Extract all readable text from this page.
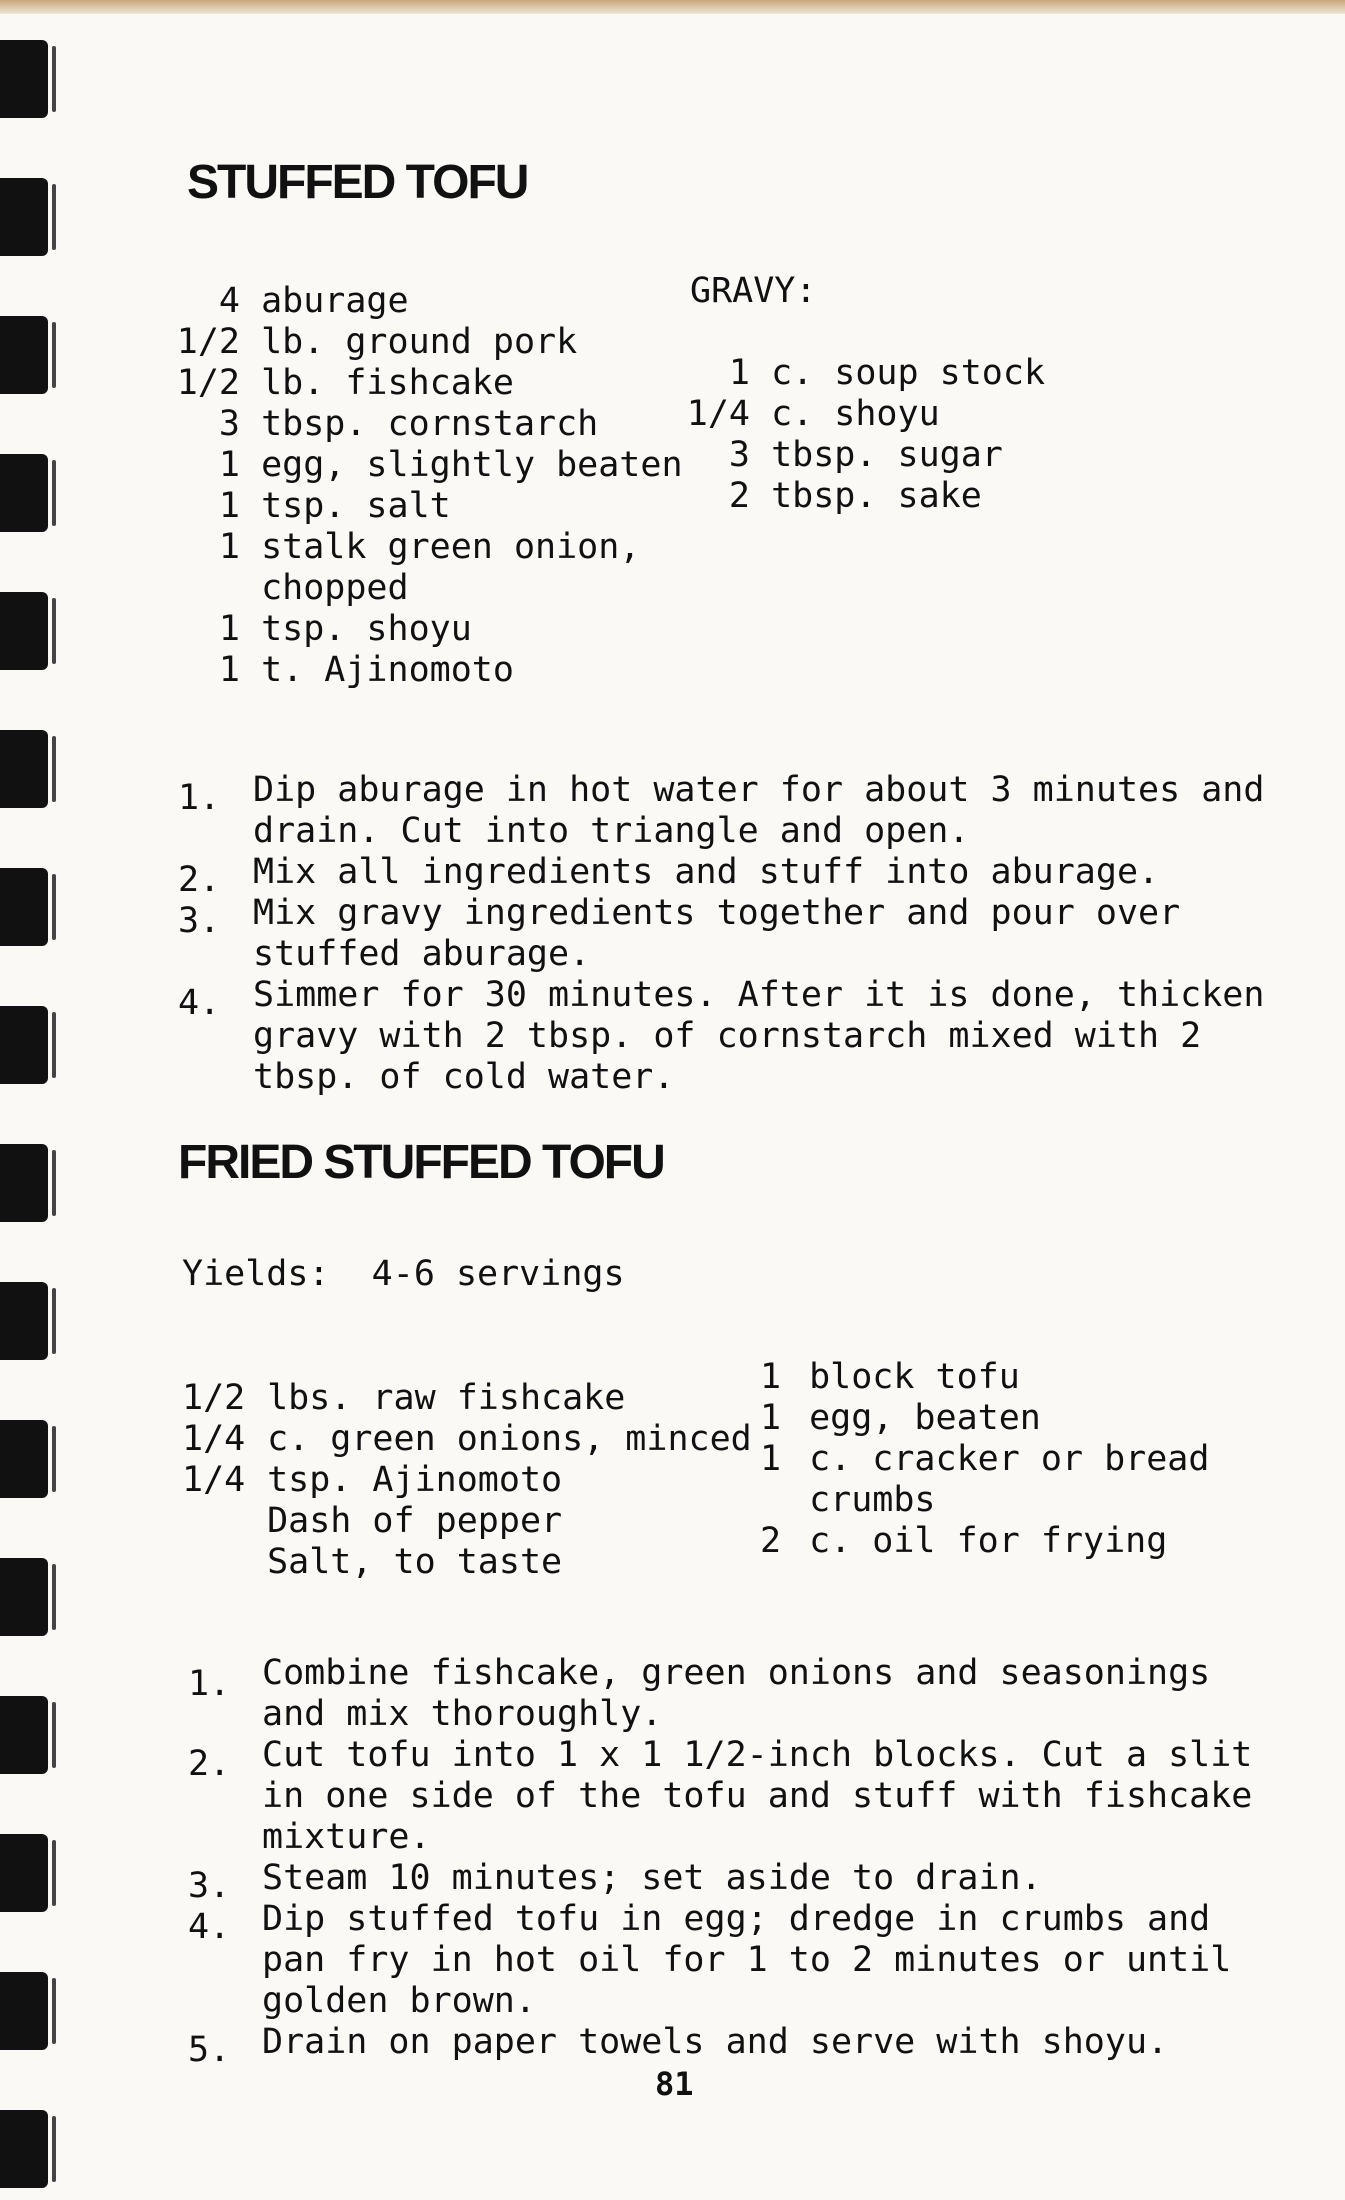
STUFFED TOFU
4 aburage
1/2 lb. ground pork
1/2 lb. fishcake
3 tbsp. cornstarch
1 egg, slightly beaten
1 tsp. salt
1 stalk green onion,
chopped
1 tsp. shoyu
1 t. Ajinomoto
GRAVY:
1 c. soup stock
1/4 c. shoyu
3 tbsp. sugar
2 tbsp. sake
1. Dip aburage in hot water for about 3 minutes and
drain. Cut into triangle and open.
2. Mix all ingredients and stuff into aburage.
3. Mix gravy ingredients together and pour over
stuffed aburage.
4. Simmer for 30 minutes. After it is done, thicken
gravy with 2 tbsp. of cornstarch mixed with 2
tbsp. of cold water.
FRIED STUFFED TOFU
Yields: 4-6 servings
1/2 lbs. raw fishcake
1/4 c. green onions, minced
1/4 tsp. Ajinomoto
Dash of pepper
Salt, to taste
1 block tofu
1 egg, beaten
1 c. cracker or bread
crumbs
2 c. oil for frying
1. Combine fishcake, green onions and seasonings
and mix thoroughly.
2. Cut tofu into 1 x 1 1/2-inch blocks. Cut a slit
in one side of the tofu and stuff with fishcake
mixture.
3. Steam 10 minutes; set aside to drain.
4. Dip stuffed tofu in egg; dredge in crumbs and
pan fry in hot oil for 1 to 2 minutes or until
golden brown.
5. Drain on paper towels and serve with shoyu.
81
